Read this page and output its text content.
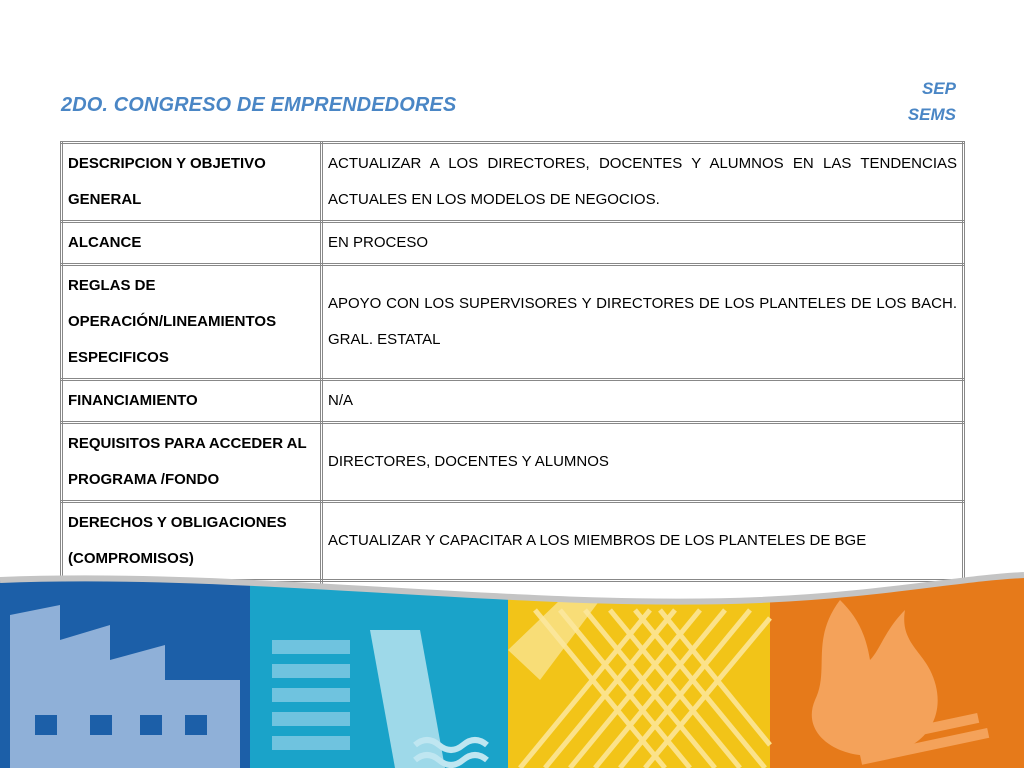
2DO. CONGRESO DE EMPRENDEDORES
SEP
SEMS
DESCRIPCION Y OBJETIVO GENERAL	ACTUALIZAR A LOS DIRECTORES, DOCENTES Y ALUMNOS EN LAS TENDENCIAS ACTUALES EN LOS MODELOS DE NEGOCIOS.
ALCANCE	EN PROCESO
REGLAS DE OPERACIÓN/LINEAMIENTOS ESPECIFICOS	APOYO CON LOS SUPERVISORES Y DIRECTORES DE LOS PLANTELES DE LOS BACH. GRAL. ESTATAL
FINANCIAMIENTO	N/A
REQUISITOS PARA ACCEDER AL PROGRAMA /FONDO	DIRECTORES, DOCENTES Y ALUMNOS
DERECHOS Y OBLIGACIONES (COMPROMISOS)	ACTUALIZAR Y CAPACITAR A LOS MIEMBROS DE LOS PLANTELES DE BGE
